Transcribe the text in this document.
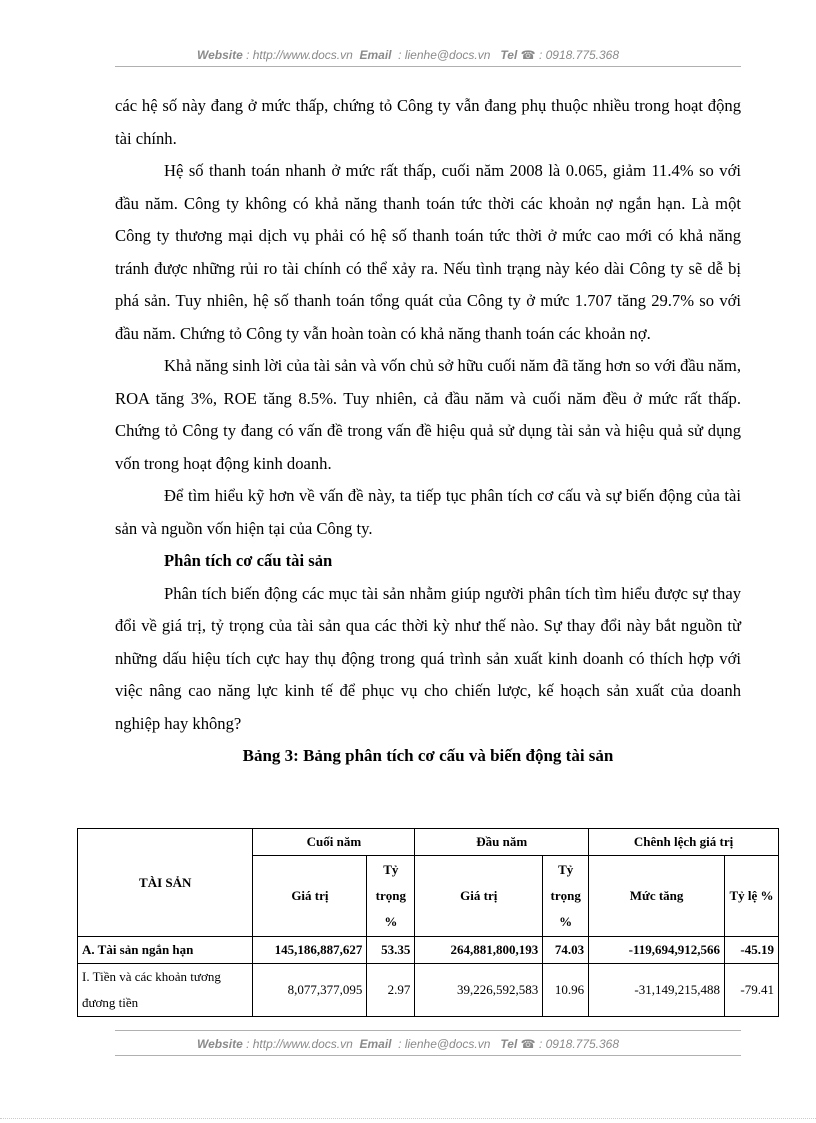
Website : http://www.docs.vn Email : lienhe@docs.vn Tel ☎ : 0918.775.368

các hệ số này đang ở mức thấp, chứng tỏ Công ty vẫn đang phụ thuộc nhiều trong hoạt động tài chính.

Hệ số thanh toán nhanh ở mức rất thấp, cuối năm 2008 là 0.065, giảm 11.4% so với đầu năm. Công ty không có khả năng thanh toán tức thời các khoản nợ ngắn hạn. Là một Công ty thương mại dịch vụ phải có hệ số thanh toán tức thời ở mức cao mới có khả năng tránh được những rủi ro tài chính có thể xảy ra. Nếu tình trạng này kéo dài Công ty sẽ dễ bị phá sản. Tuy nhiên, hệ số thanh toán tổng quát của Công ty ở mức 1.707 tăng 29.7% so với đầu năm. Chứng tỏ Công ty vẫn hoàn toàn có khả năng thanh toán các khoản nợ.

Khả năng sinh lời của tài sản và vốn chủ sở hữu cuối năm đã tăng hơn so với đầu năm, ROA tăng 3%, ROE tăng 8.5%. Tuy nhiên, cả đầu năm và cuối năm đều ở mức rất thấp. Chứng tỏ Công ty đang có vấn đề trong vấn đề hiệu quả sử dụng tài sản và hiệu quả sử dụng vốn trong hoạt động kinh doanh.

Để tìm hiểu kỹ hơn về vấn đề này, ta tiếp tục phân tích cơ cấu và sự biến động của tài sản và nguồn vốn hiện tại của Công ty.

Phân tích cơ cấu tài sản

Phân tích biến động các mục tài sản nhằm giúp người phân tích tìm hiểu được sự thay đổi về giá trị, tỷ trọng của tài sản qua các thời kỳ như thế nào. Sự thay đổi này bắt nguồn từ những dấu hiệu tích cực hay thụ động trong quá trình sản xuất kinh doanh có thích hợp với việc nâng cao năng lực kinh tế để phục vụ cho chiến lược, kế hoạch sản xuất của doanh nghiệp hay không?

Bảng 3: Bảng phân tích cơ cấu và biến động tài sản

TÀI SẢN	Cuối năm		Đầu năm		Chênh lệch giá trị	
	Giá trị	Tỷ trọng %	Giá trị	Tỷ trọng %	Mức tăng	Tỷ lệ %
A. Tài sản ngắn hạn	145,186,887,627	53.35	264,881,800,193	74.03	-119,694,912,566	-45.19
I. Tiền và các khoản tương đương tiền	8,077,377,095	2.97	39,226,592,583	10.96	-31,149,215,488	-79.41
Website : http://www.docs.vn Email : lienhe@docs.vn Tel ☎ : 0918.775.368
